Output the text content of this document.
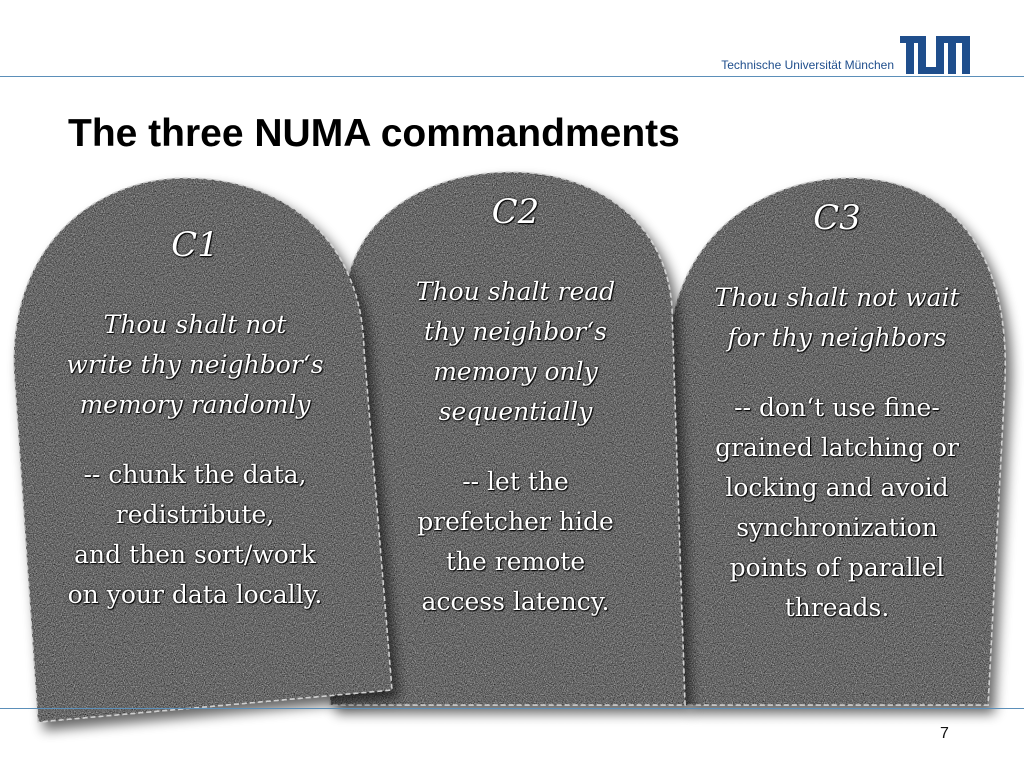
Technische Universität München
The three NUMA commandments
C1
Thou shalt not
write thy neighbor‘s
memory randomly
-- chunk the data,
redistribute,
and then sort/work
on your data locally.
C2
Thou shalt read
thy neighbor‘s
memory only
sequentially
-- let the
prefetcher hide
the remote
access latency.
C3
Thou shalt not wait
for thy neighbors
-- don‘t use fine-
grained latching or
locking and avoid
synchronization
points of parallel
threads.
7
